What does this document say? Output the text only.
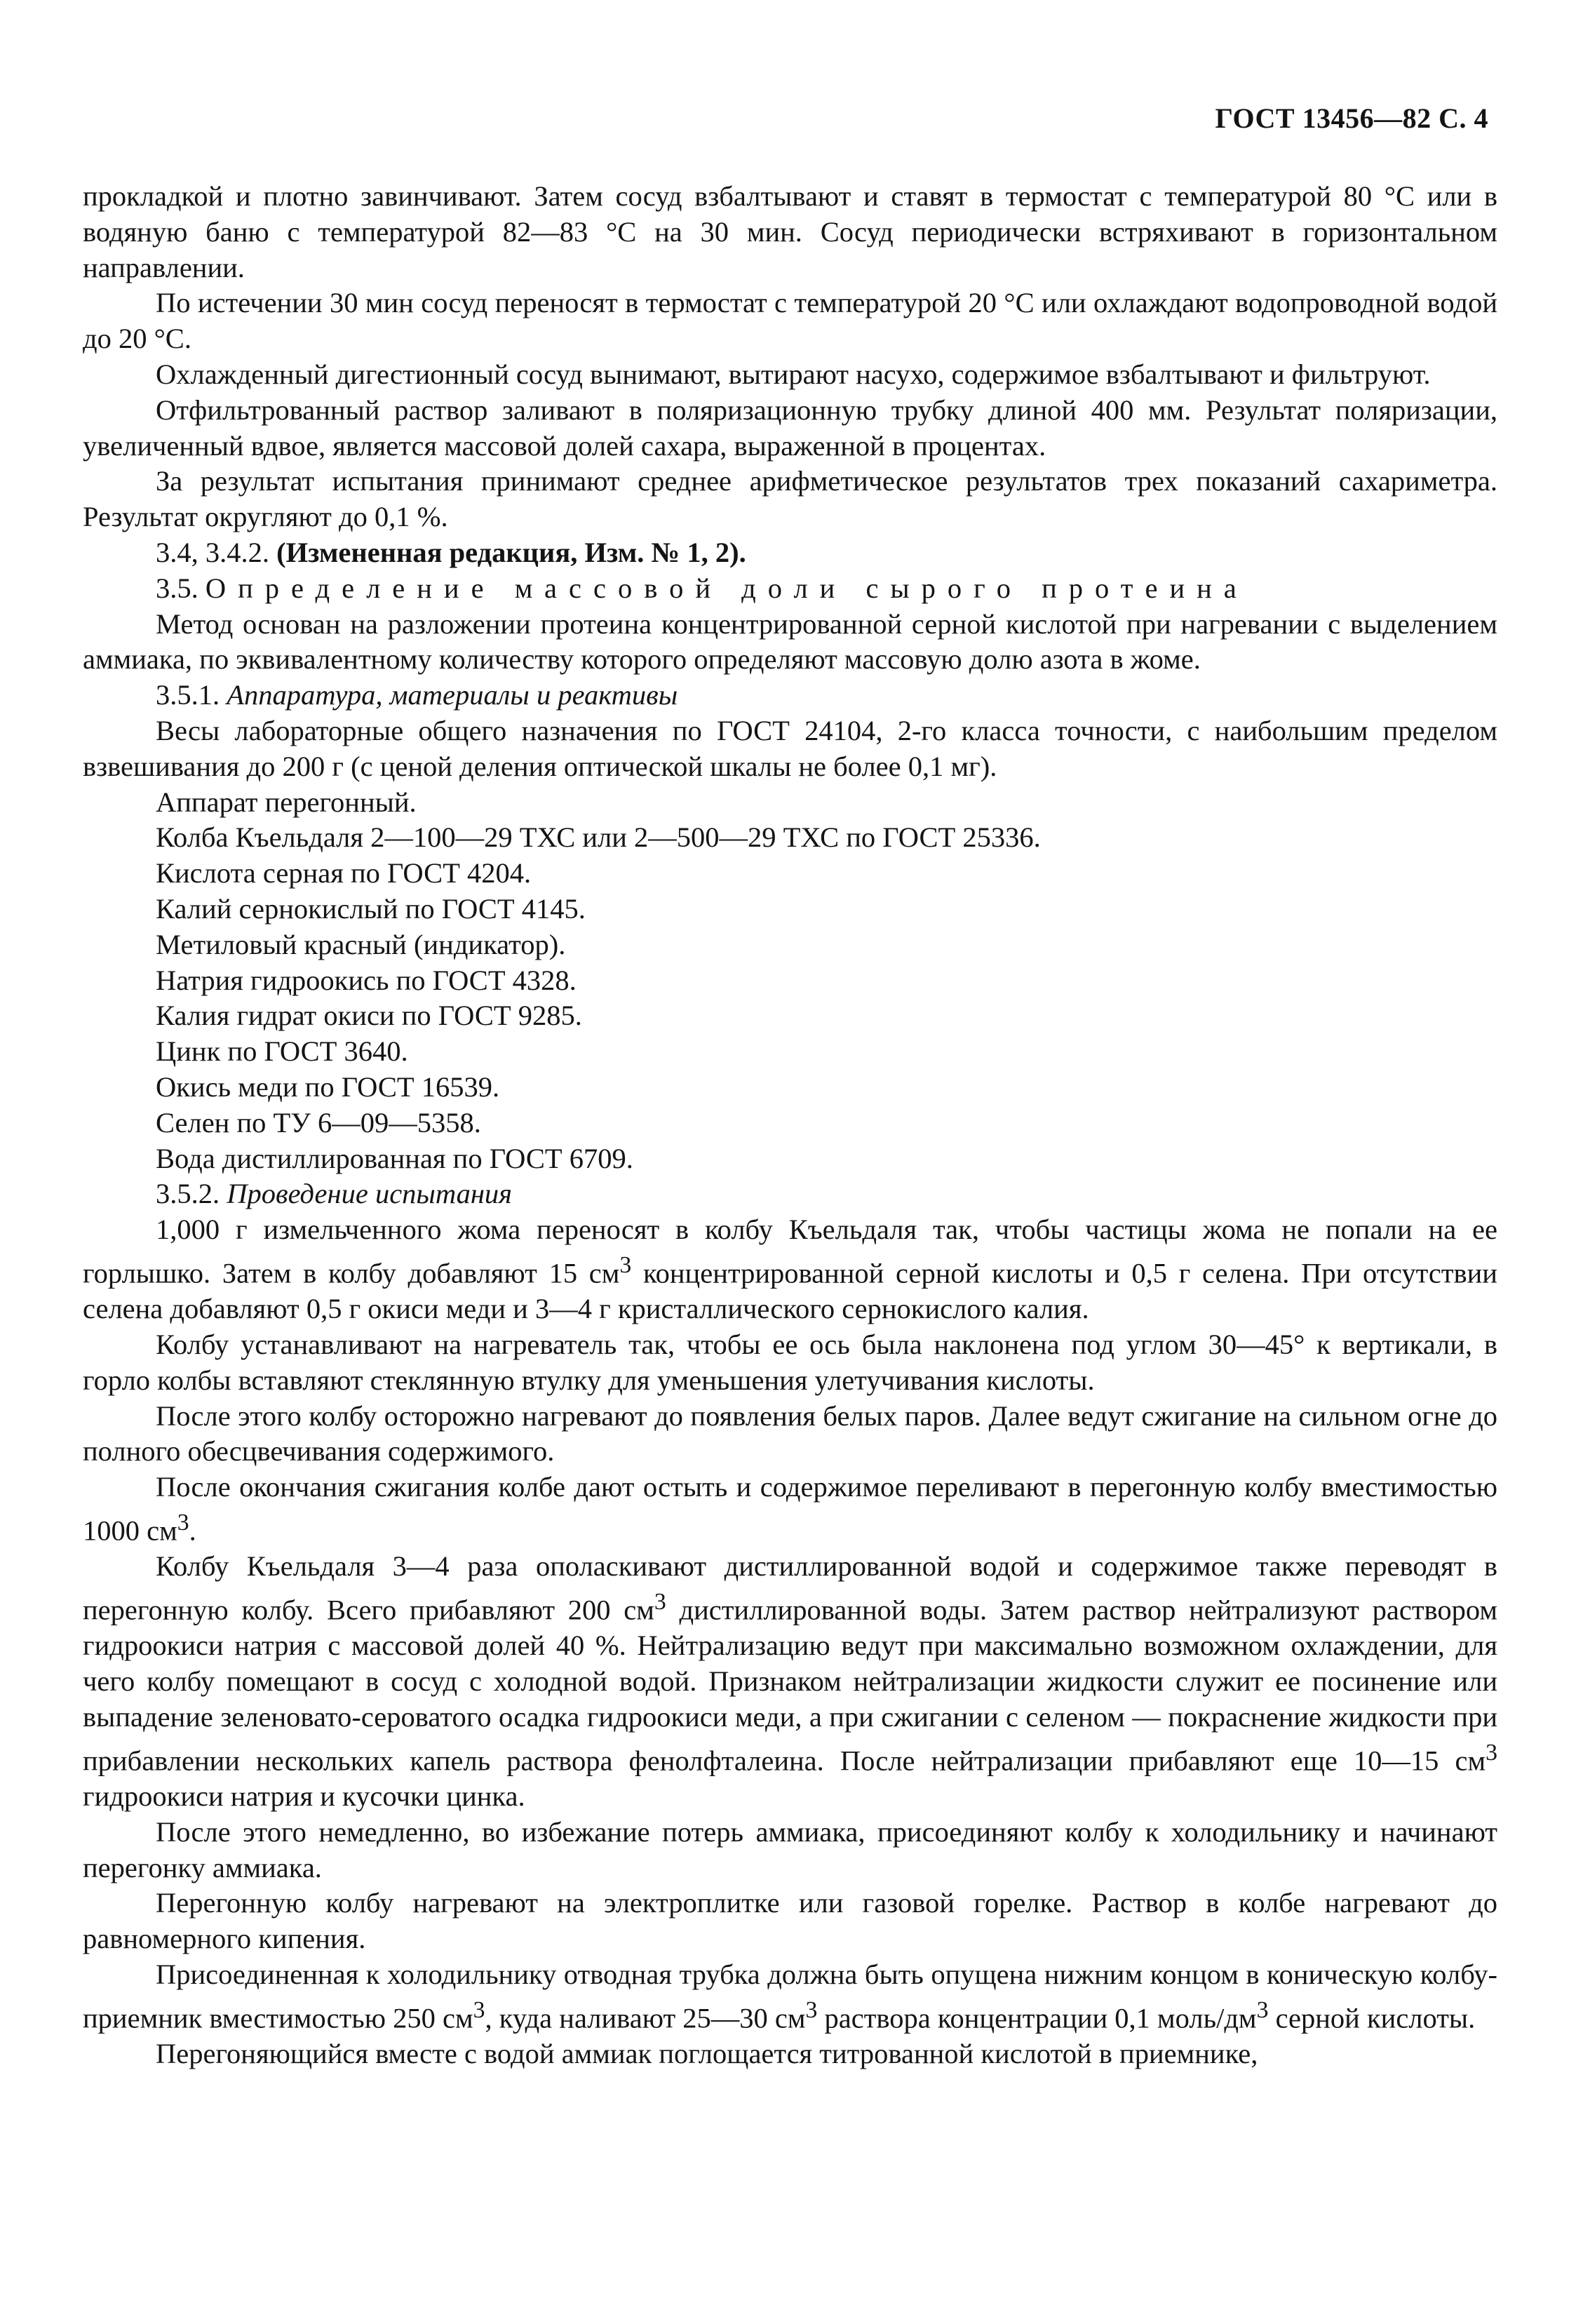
ГОСТ 13456—82 С. 4

прокладкой и плотно завинчивают. Затем сосуд взбалтывают и ставят в термостат с температурой 80 °С или в водяную баню с температурой 82—83 °С на 30 мин. Сосуд периодически встряхивают в горизонтальном направлении.

По истечении 30 мин сосуд переносят в термостат с температурой 20 °С или охлаждают водопроводной водой до 20 °С.

Охлажденный дигестионный сосуд вынимают, вытирают насухо, содержимое взбалтывают и фильтруют.

Отфильтрованный раствор заливают в поляризационную трубку длиной 400 мм. Результат поляризации, увеличенный вдвое, является массовой долей сахара, выраженной в процентах.

За результат испытания принимают среднее арифметическое результатов трех показаний сахариметра. Результат округляют до 0,1 %.

3.4, 3.4.2. (Измененная редакция, Изм. № 1, 2).

3.5. Определение массовой доли сырого протеина

Метод основан на разложении протеина концентрированной серной кислотой при нагревании с выделением аммиака, по эквивалентному количеству которого определяют массовую долю азота в жоме.

3.5.1. Аппаратура, материалы и реактивы

Весы лабораторные общего назначения по ГОСТ 24104, 2-го класса точности, с наибольшим пределом взвешивания до 200 г (с ценой деления оптической шкалы не более 0,1 мг).

Аппарат перегонный.

Колба Къельдаля 2—100—29 ТХС или 2—500—29 ТХС по ГОСТ 25336.

Кислота серная по ГОСТ 4204.

Калий сернокислый по ГОСТ 4145.

Метиловый красный (индикатор).

Натрия гидроокись по ГОСТ 4328.

Калия гидрат окиси по ГОСТ 9285.

Цинк по ГОСТ 3640.

Окись меди по ГОСТ 16539.

Селен по ТУ 6—09—5358.

Вода дистиллированная по ГОСТ 6709.

3.5.2. Проведение испытания

1,000 г измельченного жома переносят в колбу Къельдаля так, чтобы частицы жома не попали на ее горлышко. Затем в колбу добавляют 15 $см^3$ концентрированной серной кислоты и 0,5 г селена. При отсутствии селена добавляют 0,5 г окиси меди и 3—4 г кристаллического сернокислого калия.

Колбу устанавливают на нагреватель так, чтобы ее ось была наклонена под углом 30—45° к вертикали, в горло колбы вставляют стеклянную втулку для уменьшения улетучивания кислоты.

После этого колбу осторожно нагревают до появления белых паров. Далее ведут сжигание на сильном огне до полного обесцвечивания содержимого.

После окончания сжигания колбе дают остыть и содержимое переливают в перегонную колбу вместимостью 1000 $см^3$.

Колбу Къельдаля 3—4 раза ополаскивают дистиллированной водой и содержимое также переводят в перегонную колбу. Всего прибавляют 200 $см^3$ дистиллированной воды. Затем раствор нейтрализуют раствором гидроокиси натрия с массовой долей 40 %. Нейтрализацию ведут при максимально возможном охлаждении, для чего колбу помещают в сосуд с холодной водой. Признаком нейтрализации жидкости служит ее посинение или выпадение зеленовато-сероватого осадка гидроокиси меди, а при сжигании с селеном — покраснение жидкости при прибавлении нескольких капель раствора фенолфталеина. После нейтрализации прибавляют еще 10—15 $см^3$ гидроокиси натрия и кусочки цинка.

После этого немедленно, во избежание потерь аммиака, присоединяют колбу к холодильнику и начинают перегонку аммиака.

Перегонную колбу нагревают на электроплитке или газовой горелке. Раствор в колбе нагревают до равномерного кипения.

Присоединенная к холодильнику отводная трубка должна быть опущена нижним концом в коническую колбу-приемник вместимостью 250 $см^3$, куда наливают 25—30 $см^3$ раствора концентрации 0,1 моль/$дм^3$ серной кислоты.

Перегоняющийся вместе с водой аммиак поглощается титрованной кислотой в приемнике,
